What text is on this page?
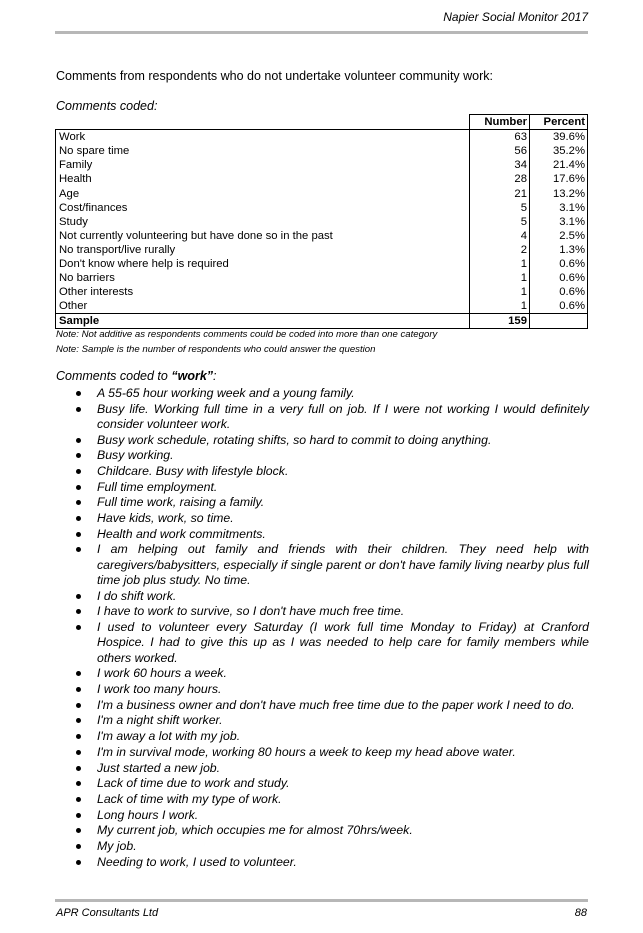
Napier Social Monitor 2017
Comments from respondents who do not undertake volunteer community work:
Comments coded:
	Number	Percent
Work	63	39.6%
No spare time	56	35.2%
Family	34	21.4%
Health	28	17.6%
Age	21	13.2%
Cost/finances	5	3.1%
Study	5	3.1%
Not currently volunteering but have done so in the past	4	2.5%
No transport/live rurally	2	1.3%
Don't know where help is required	1	0.6%
No barriers	1	0.6%
Other interests	1	0.6%
Other	1	0.6%
Sample	159	
Note: Not additive as respondents comments could be coded into more than one category
Note: Sample is the number of respondents who could answer the question
Comments coded to “work”:
A 55-65 hour working week and a young family.
Busy life. Working full time in a very full on job. If I were not working I would definitely consider volunteer work.
Busy work schedule, rotating shifts, so hard to commit to doing anything.
Busy working.
Childcare. Busy with lifestyle block.
Full time employment.
Full time work, raising a family.
Have kids, work, so time.
Health and work commitments.
I am helping out family and friends with their children. They need help with caregivers/babysitters, especially if single parent or don't have family living nearby plus full time job plus study. No time.
I do shift work.
I have to work to survive, so I don't have much free time.
I used to volunteer every Saturday (I work full time Monday to Friday) at Cranford Hospice. I had to give this up as I was needed to help care for family members while others worked.
I work 60 hours a week.
I work too many hours.
I'm a business owner and don't have much free time due to the paper work I need to do.
I'm a night shift worker.
I'm away a lot with my job.
I'm in survival mode, working 80 hours a week to keep my head above water.
Just started a new job.
Lack of time due to work and study.
Lack of time with my type of work.
Long hours I work.
My current job, which occupies me for almost 70hrs/week.
My job.
Needing to work, I used to volunteer.
APR Consultants Ltd	88
